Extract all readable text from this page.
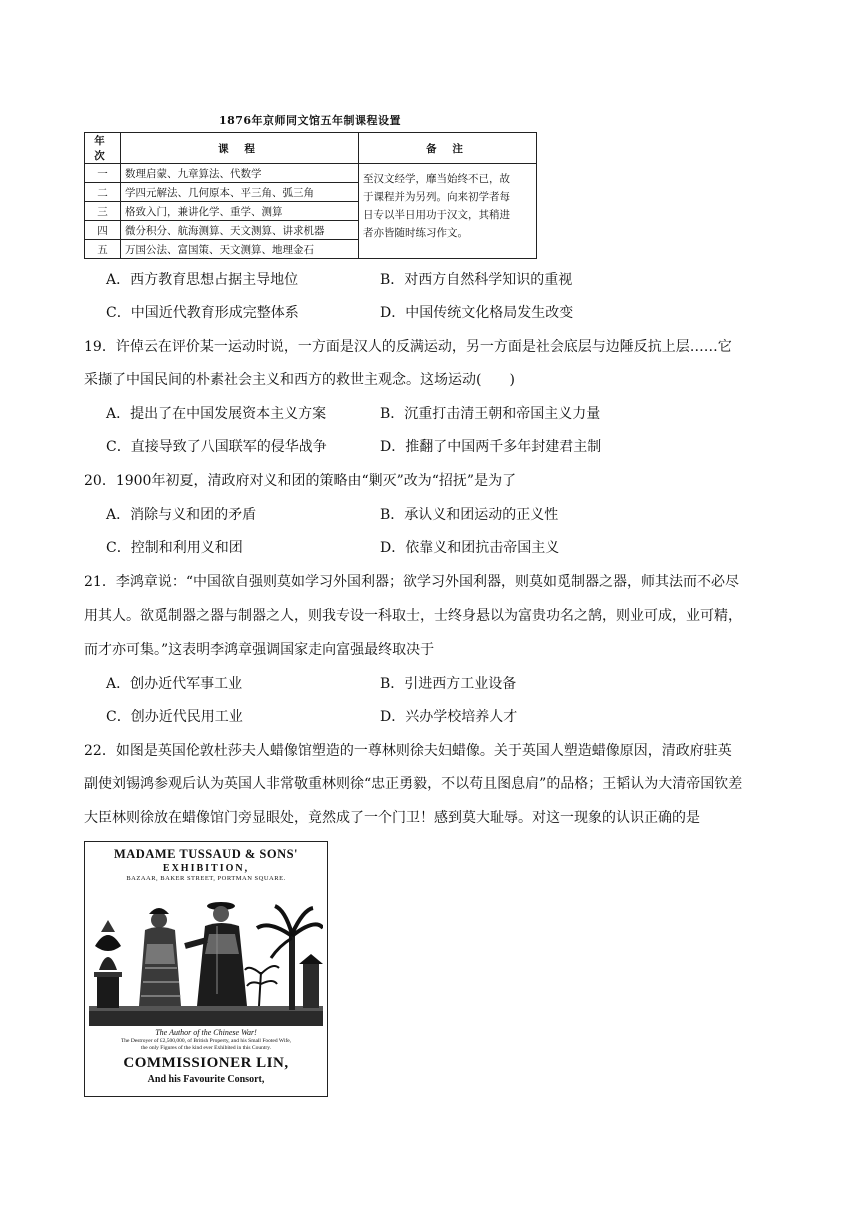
1876年京师同文馆五年制课程设置
年 次	课 程	备 注
一	数理启蒙、九章算法、代数学	至汉文经学，靡当始终不已，故
于课程并为另列。向来初学者每
日专以半日用功于汉文，其稍进
者亦皆随时练习作文。

二	学四元解法、几何原本、平三角、弧三角	
三	格致入门，兼讲化学、重学、测算	
四	微分积分、航海测算、天文测算、讲求机器	
五	万国公法、富国策、天文测算、地理金石	
A．西方教育思想占据主导地位	B．对西方自然科学知识的重视
C．中国近代教育形成完整体系	D．中国传统文化格局发生改变
19．许倬云在评价某一运动时说，一方面是汉人的反满运动，另一方面是社会底层与边陲反抗上层……它
采撷了中国民间的朴素社会主义和西方的救世主观念。这场运动(　　)
A．提出了在中国发展资本主义方案	B．沉重打击清王朝和帝国主义力量
C．直接导致了八国联军的侵华战争	D．推翻了中国两千多年封建君主制
20．1900年初夏，清政府对义和团的策略由“剿灭”改为“招抚”是为了
A．消除与义和团的矛盾	B．承认义和团运动的正义性
C．控制和利用义和团	D．依靠义和团抗击帝国主义
21．李鸿章说：“中国欲自强则莫如学习外国利器；欲学习外国利器，则莫如觅制器之器，师其法而不必尽
用其人。欲觅制器之器与制器之人，则我专设一科取士，士终身悬以为富贵功名之鹄，则业可成，业可精，
而才亦可集。”这表明李鸿章强调国家走向富强最终取决于
A．创办近代军事工业	B．引进西方工业设备
C．创办近代民用工业	D．兴办学校培养人才
22．如图是英国伦敦杜莎夫人蜡像馆塑造的一尊林则徐夫妇蜡像。关于英国人塑造蜡像原因，清政府驻英
副使刘锡鸿参观后认为英国人非常敬重林则徐“忠正勇毅，不以苟且图息肩”的品格；王韬认为大清帝国钦差
大臣林则徐放在蜡像馆门旁显眼处，竟然成了一个门卫！感到莫大耻辱。对这一现象的认识正确的是
MADAME TUSSAUD & SONS'
EXHIBITION,
BAZAAR, BAKER STREET, PORTMAN SQUARE.
The Author of the Chinese War!
The Destroyer of £2,500,000, of British Property, and his Small Footed Wife,
the only Figures of the kind ever Exhibited in this Country.
COMMISSIONER LIN,
And his Favourite Consort,
